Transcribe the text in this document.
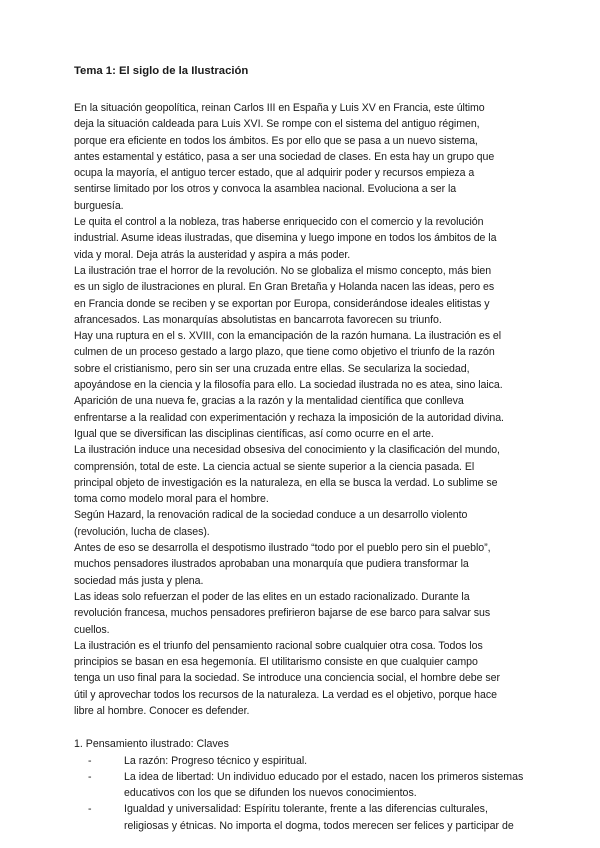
Tema 1: El siglo de la Ilustración

En la situación geopolítica, reinan Carlos III en España y Luis XV en Francia, este último
deja la situación caldeada para Luis XVI. Se rompe con el sistema del antiguo régimen,
porque era eficiente en todos los ámbitos. Es por ello que se pasa a un nuevo sistema,
antes estamental y estático, pasa a ser una sociedad de clases. En esta hay un grupo que
ocupa la mayoría, el antiguo tercer estado, que al adquirir poder y recursos empieza a
sentirse limitado por los otros y convoca la asamblea nacional. Evoluciona a ser la
burguesía.

Le quita el control a la nobleza, tras haberse enriquecido con el comercio y la revolución
industrial. Asume ideas ilustradas, que disemina y luego impone en todos los ámbitos de la
vida y moral. Deja atrás la austeridad y aspira a más poder.

La ilustración trae el horror de la revolución. No se globaliza el mismo concepto, más bien
es un siglo de ilustraciones en plural. En Gran Bretaña y Holanda nacen las ideas, pero es
en Francia donde se reciben y se exportan por Europa, considerándose ideales elitistas y
afrancesados. Las monarquías absolutistas en bancarrota favorecen su triunfo.

Hay una ruptura en el s. XVIII, con la emancipación de la razón humana. La ilustración es el
culmen de un proceso gestado a largo plazo, que tiene como objetivo el triunfo de la razón
sobre el cristianismo, pero sin ser una cruzada entre ellas. Se seculariza la sociedad,
apoyándose en la ciencia y la filosofía para ello. La sociedad ilustrada no es atea, sino laica.

Aparición de una nueva fe, gracias a la razón y la mentalidad científica que conlleva
enfrentarse a la realidad con experimentación y rechaza la imposición de la autoridad divina.
Igual que se diversifican las disciplinas científicas, así como ocurre en el arte.

La ilustración induce una necesidad obsesiva del conocimiento y la clasificación del mundo,
comprensión, total de este. La ciencia actual se siente superior a la ciencia pasada. El
principal objeto de investigación es la naturaleza, en ella se busca la verdad. Lo sublime se
toma como modelo moral para el hombre.

Según Hazard, la renovación radical de la sociedad conduce a un desarrollo violento
(revolución, lucha de clases).

Antes de eso se desarrolla el despotismo ilustrado “todo por el pueblo pero sin el pueblo”,
muchos pensadores ilustrados aprobaban una monarquía que pudiera transformar la
sociedad más justa y plena.

Las ideas solo refuerzan el poder de las elites en un estado racionalizado. Durante la
revolución francesa, muchos pensadores prefirieron bajarse de ese barco para salvar sus
cuellos.

La ilustración es el triunfo del pensamiento racional sobre cualquier otra cosa. Todos los
principios se basan en esa hegemonía. El utilitarismo consiste en que cualquier campo
tenga un uso final para la sociedad. Se introduce una conciencia social, el hombre debe ser
útil y aprovechar todos los recursos de la naturaleza. La verdad es el objetivo, porque hace
libre al hombre. Conocer es defender.

1. Pensamiento ilustrado: Claves
-	La razón: Progreso técnico y espiritual.
-	La idea de libertad: Un individuo educado por el estado, nacen los primeros sistemas
educativos con los que se difunden los nuevos conocimientos.
-	Igualdad y universalidad: Espíritu tolerante, frente a las diferencias culturales,
religiosas y étnicas. No importa el dogma, todos merecen ser felices y participar de
